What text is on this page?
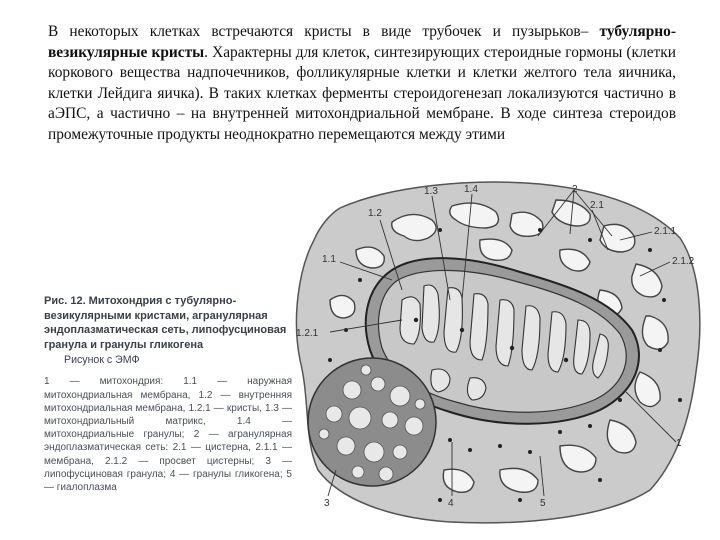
В некоторых клетках встречаются кристы в виде трубочек и пузырьков– тубулярно-везикулярные кристы. Характерны для клеток, синтезирующих стероидные гормоны (клетки коркового вещества надпочечников, фолликулярные клетки и клетки желтого тела яичника, клетки Лейдига яичка). В таких клетках ферменты стероидогенезап локализуются частично в аЭПС, а частично – на внутренней митохондриальной мембране. В ходе синтеза стероидов промежуточные продукты неоднократно перемещаются между этими

1.3	1.4	2
2.1
1.2
2.1.1
1.1	2.1.2
1.2.1
1
3	4	5

Рис. 12. Митохондрия с тубулярно-везикулярными кристами, агранулярная эндоплазматическая сеть, липофусциновая гранула и гранулы гликогена

Рисунок с ЭМФ

1 — митохондрия: 1.1 — наружная митохондриальная мембрана, 1.2 — внутренняя митохондриальная мембрана, 1.2.1 — кристы, 1.3 — митохондриальный матрикс, 1.4 — митохондриальные гранулы; 2 — агранулярная эндоплазматическая сеть: 2.1 — цистерна, 2.1.1 — мембрана, 2.1.2 — просвет цистерны; 3 — липофусциновая гранула; 4 — гранулы гликогена; 5 — гиалоплазма
